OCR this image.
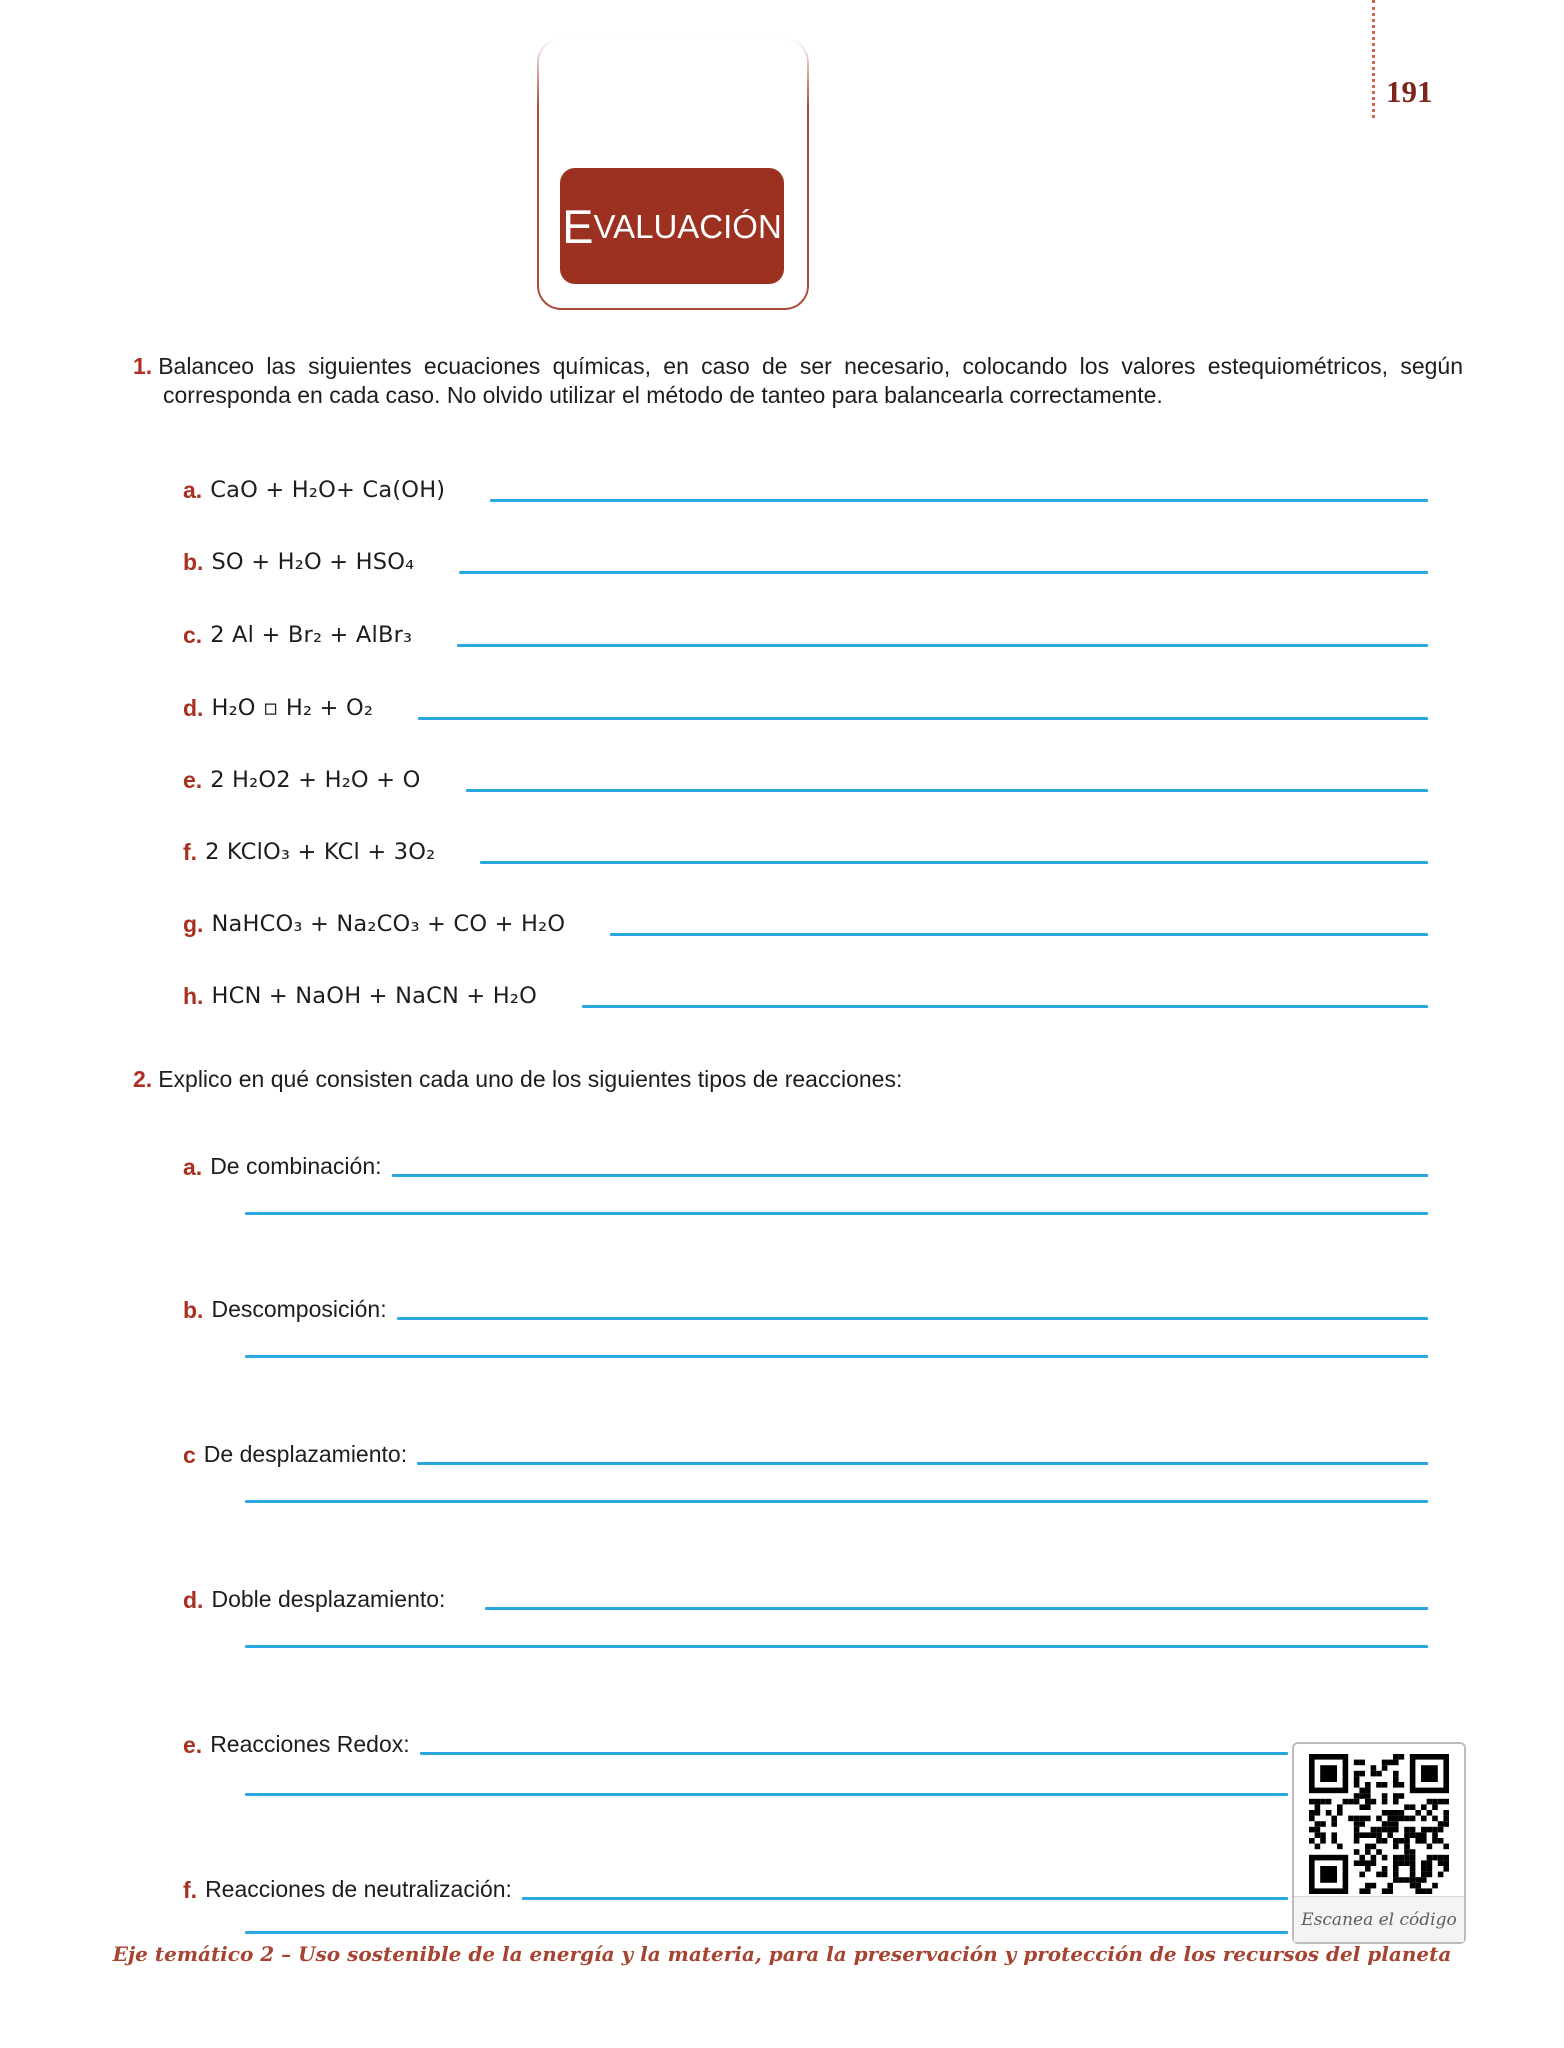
191
E VALUACIÓN
1. Balanceo las siguientes ecuaciones químicas, en caso de ser necesario, colocando los valores estequiométricos, según corresponda en cada caso. No olvido utilizar el método de tanteo para balancearla correctamente.
a. CaO + H₂O+ Ca(OH)
b. SO + H₂O + HSO₄
c. 2 Al + Br₂ + AlBr₃
d. H₂O ▫ H₂ + O₂
e. 2 H₂O2 + H₂O + O
f. 2 KClO₃ + KCl + 3O₂
g. NaHCO₃ + Na₂CO₃ + CO + H₂O
h. HCN + NaOH + NaCN + H₂O
2. Explico en qué consisten cada uno de los siguientes tipos de reacciones:
a. De combinación:
b. Descomposición:
c De desplazamiento:
d. Doble desplazamiento:
e. Reacciones Redox:
f. Reacciones de neutralización:
Escanea el código
Eje temático 2 – Uso sostenible de la energía y la materia, para la preservación y protección de los recursos del planeta
